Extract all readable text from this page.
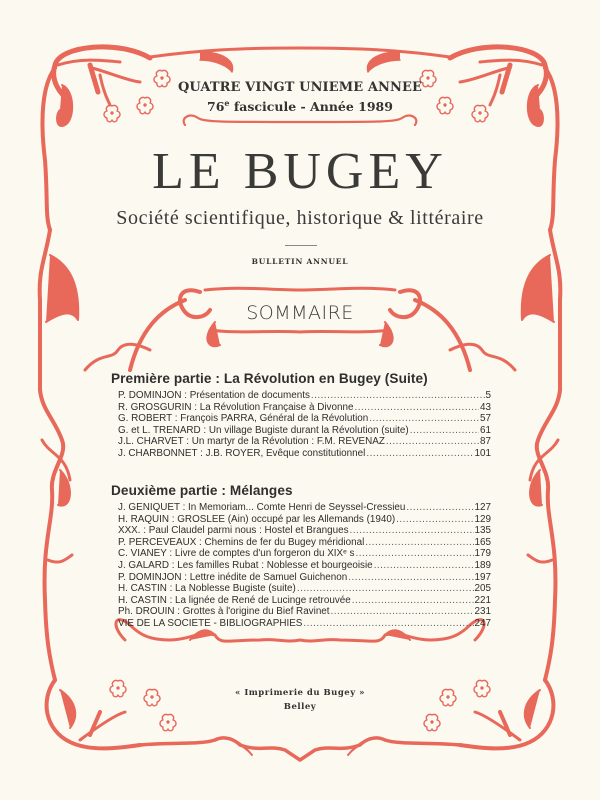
QUATRE VINGT UNIEME ANNEE
76e fascicule - Année 1989
LE BUGEY
Société scientifique, historique & littéraire
BULLETIN ANNUEL
SOMMAIRE
Première partie : La Révolution en Bugey (Suite)
P. DOMINJON : Présentation de documents .....	5
R. GROSGURIN : La Révolution Française à Divonne .....	43
G. ROBERT : François PARRA, Général de la Révolution .....	57
G. et L. TRENARD : Un village Bugiste durant la Révolution (suite) .....	61
J.L. CHARVET : Un martyr de la Révolution : F.M. REVENAZ .....	87
J. CHARBONNET : J.B. ROYER, Evêque constitutionnel .....	101
Deuxième partie : Mélanges
J. GENIQUET : In Memoriam... Comte Henri de Seyssel-Cressieu .....	127
H. RAQUIN : GROSLEE (Ain) occupé par les Allemands (1940) .....	129
XXX. : Paul Claudel parmi nous : Hostel et Brangues .....	135
P. PERCEVEAUX : Chemins de fer du Bugey méridional .....	165
C. VIANEY : Livre de comptes d'un forgeron du XIXᵉ s .....	179
J. GALARD : Les familles Rubat : Noblesse et bourgeoisie .....	189
P. DOMINJON : Lettre inédite de Samuel Guichenon .....	197
H. CASTIN : La Noblesse Bugiste (suite) .....	205
H. CASTIN : La lignée de René de Lucinge retrouvée .....	221
Ph. DROUIN : Grottes à l'origine du Bief Ravinet .....	231
VIE DE LA SOCIETE - BIBLIOGRAPHIES .....	247
« Imprimerie du Bugey »
Belley
